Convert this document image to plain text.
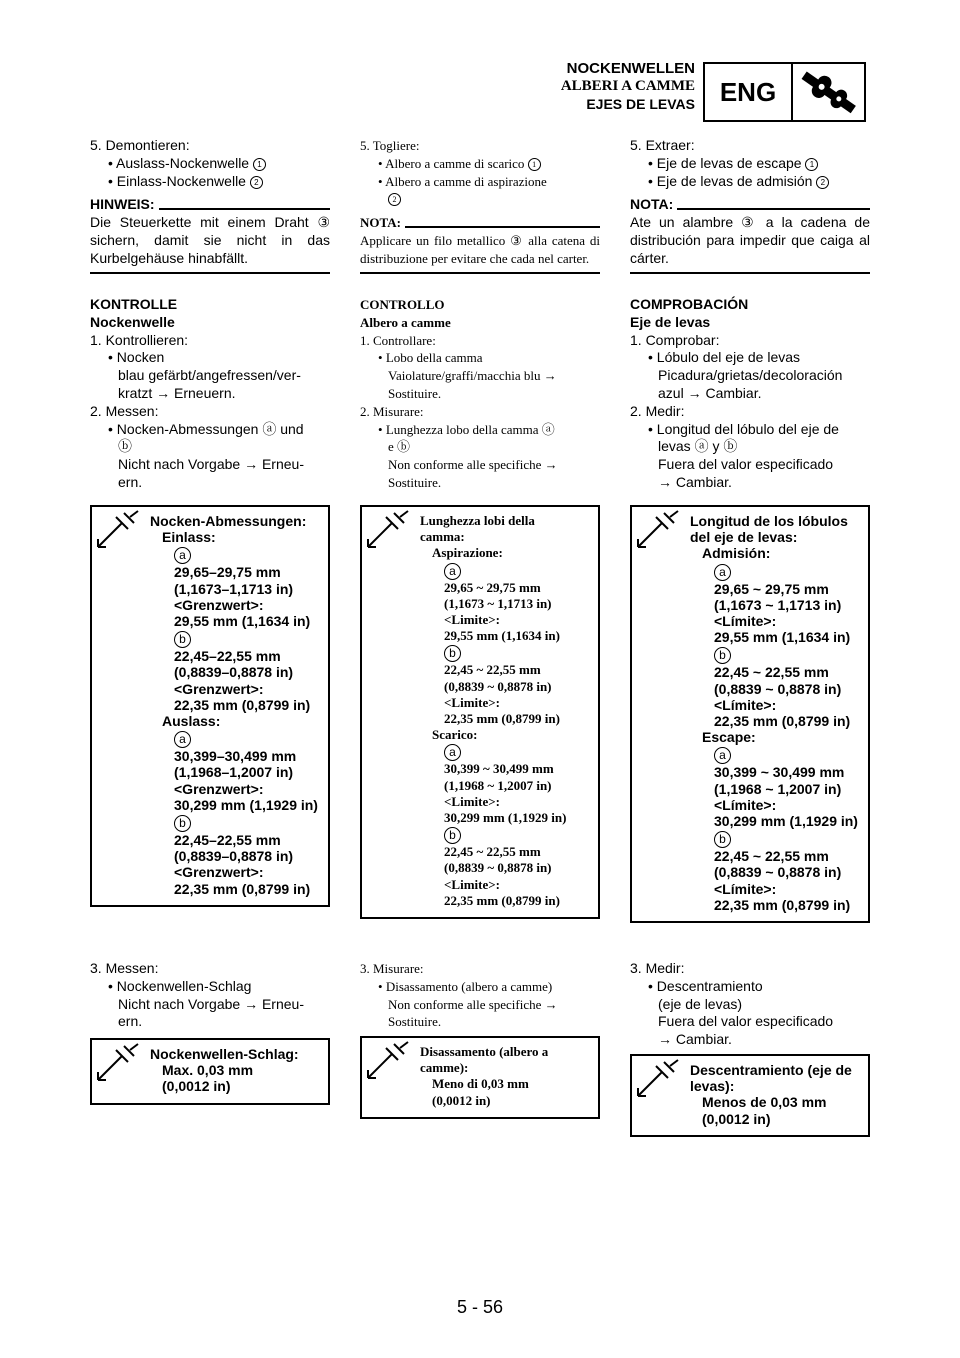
NOCKENWELLEN
ALBERI A CAMME
EJES DE LEVAS ENG
5. Demontieren:
• Auslass-Nockenwelle 1
• Einlass-Nockenwelle 2
HINWEIS:
Die Steuerkette mit einem Draht ③ sichern, damit sie nicht in das Kurbelgehäuse hinabfällt.
KONTROLLE
Nockenwelle
1. Kontrollieren:
• Nocken
blau gefärbt/angefressen/ver-
kratzt → Erneuern.
2. Messen:
• Nocken-Abmessungen ⓐ und
ⓑ
Nicht nach Vorgabe → Erneu-
ern.
Nocken-Abmessungen:
Einlass:
a
29,65–29,75 mm
(1,1673–1,1713 in)
<Grenzwert>:
29,55 mm (1,1634 in)
b
22,45–22,55 mm
(0,8839–0,8878 in)
<Grenzwert>:
22,35 mm (0,8799 in)
Auslass:
a
30,399–30,499 mm
(1,1968–1,2007 in)
<Grenzwert>:
30,299 mm (1,1929 in)
b
22,45–22,55 mm
(0,8839–0,8878 in)
<Grenzwert>:
22,35 mm (0,8799 in)
3. Messen:
• Nockenwellen-Schlag
Nicht nach Vorgabe → Erneu-
ern.
Nockenwellen-Schlag:
Max. 0,03 mm
(0,0012 in)
5. Togliere:
• Albero a camme di scarico 1
• Albero a camme di aspirazione
2
NOTA:
Applicare un filo metallico ③ alla catena di distribuzione per evitare che cada nel carter.
CONTROLLO
Albero a camme
1. Controllare:
• Lobo della camma
Vaiolature/graffi/macchia blu →
Sostituire.
2. Misurare:
• Lunghezza lobo della camma ⓐ
e ⓑ
Non conforme alle specifiche →
Sostituire.
Lunghezza lobi della
camma:
Aspirazione:
a
29,65 ~ 29,75 mm
(1,1673 ~ 1,1713 in)
<Limite>:
29,55 mm (1,1634 in)
b
22,45 ~ 22,55 mm
(0,8839 ~ 0,8878 in)
<Limite>:
22,35 mm (0,8799 in)
Scarico:
a
30,399 ~ 30,499 mm
(1,1968 ~ 1,2007 in)
<Limite>:
30,299 mm (1,1929 in)
b
22,45 ~ 22,55 mm
(0,8839 ~ 0,8878 in)
<Limite>:
22,35 mm (0,8799 in)
3. Misurare:
• Disassamento (albero a camme)
Non conforme alle specifiche →
Sostituire.
Disassamento (albero a
camme):
Meno di 0,03 mm
(0,0012 in)
5. Extraer:
• Eje de levas de escape 1
• Eje de levas de admisión 2
NOTA:
Ate un alambre ③ a la cadena de distribución para impedir que caiga al cárter.
COMPROBACIÓN
Eje de levas
1. Comprobar:
• Lóbulo del eje de levas
Picadura/grietas/decoloración
azul → Cambiar.
2. Medir:
• Longitud del lóbulo del eje de
levas ⓐ y ⓑ
Fuera del valor especificado
→ Cambiar.
Longitud de los lóbulos
del eje de levas:
Admisión:
a
29,65 ~ 29,75 mm
(1,1673 ~ 1,1713 in)
<Límite>:
29,55 mm (1,1634 in)
b
22,45 ~ 22,55 mm
(0,8839 ~ 0,8878 in)
<Límite>:
22,35 mm (0,8799 in)
Escape:
a
30,399 ~ 30,499 mm
(1,1968 ~ 1,2007 in)
<Límite>:
30,299 mm (1,1929 in)
b
22,45 ~ 22,55 mm
(0,8839 ~ 0,8878 in)
<Límite>:
22,35 mm (0,8799 in)
3. Medir:
• Descentramiento
(eje de levas)
Fuera del valor especificado
→ Cambiar.
Descentramiento (eje de
levas):
Menos de 0,03 mm
(0,0012 in)
5 - 56
